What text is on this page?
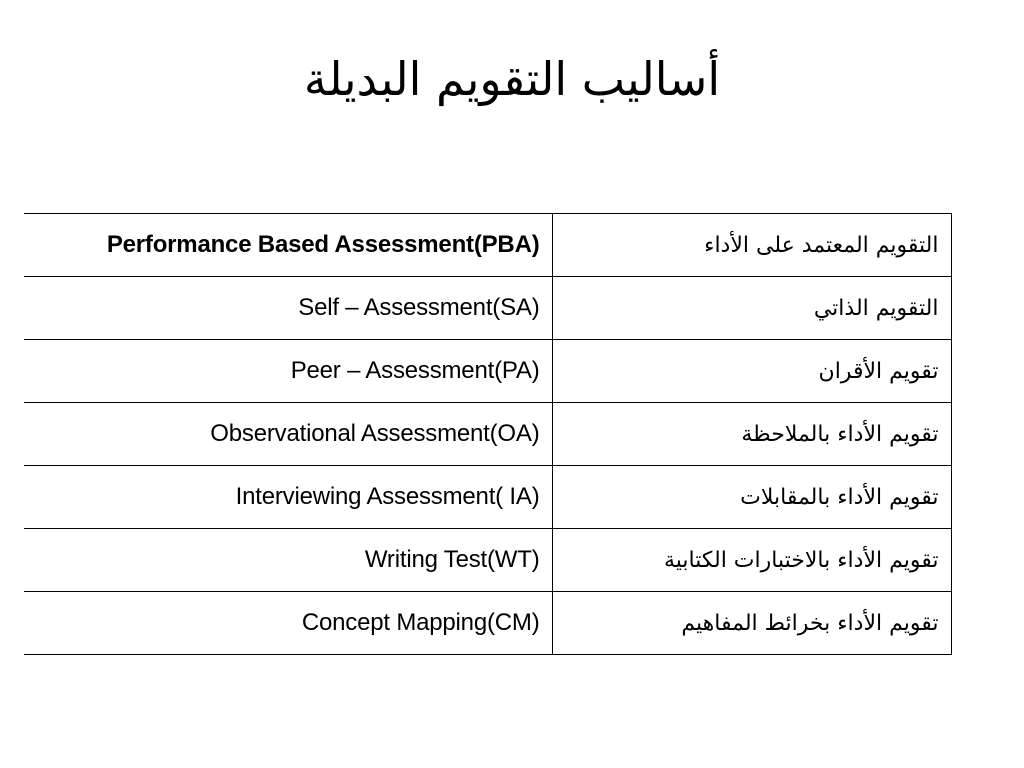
أساليب التقويم البديلة
Performance Based Assessment(PBA)	التقويم المعتمد على الأداء
Self – Assessment(SA)	التقويم الذاتي
Peer – Assessment(PA)	تقويم الأقران
Observational Assessment(OA)	تقويم الأداء بالملاحظة
Interviewing Assessment( IA)	تقويم الأداء بالمقابلات
Writing Test(WT)	تقويم الأداء بالاختبارات الكتابية
Concept Mapping(CM)	تقويم الأداء بخرائط المفاهيم
